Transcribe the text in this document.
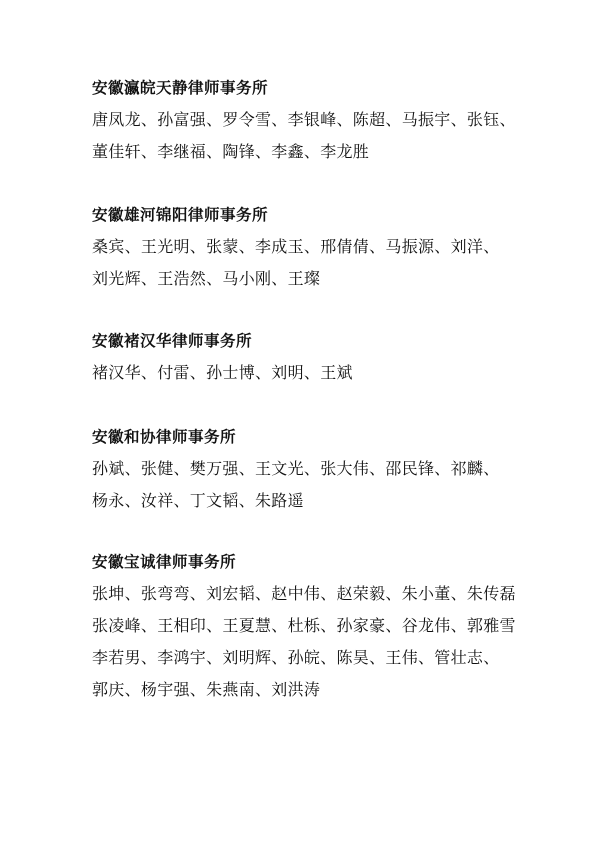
安徽瀛皖天静律师事务所
唐凤龙、孙富强、罗令雪、李银峰、陈超、马振宇、张钰、
董佳轩、李继福、陶锋、李鑫、李龙胜
安徽雄河锦阳律师事务所
桑宾、王光明、张蒙、李成玉、邢倩倩、马振源、刘洋、
刘光辉、王浩然、马小刚、王璨
安徽褚汉华律师事务所
褚汉华、付雷、孙士博、刘明、王斌
安徽和协律师事务所
孙斌、张健、樊万强、王文光、张大伟、邵民锋、祁麟、
杨永、汝祥、丁文韬、朱路遥
安徽宝诚律师事务所
张坤、张弯弯、刘宏韬、赵中伟、赵荣毅、朱小董、朱传磊
张凌峰、王相印、王夏慧、杜栎、孙家豪、谷龙伟、郭雅雪
李若男、李鸿宇、刘明辉、孙皖、陈昊、王伟、管壮志、
郭庆、杨宇强、朱燕南、刘洪涛
